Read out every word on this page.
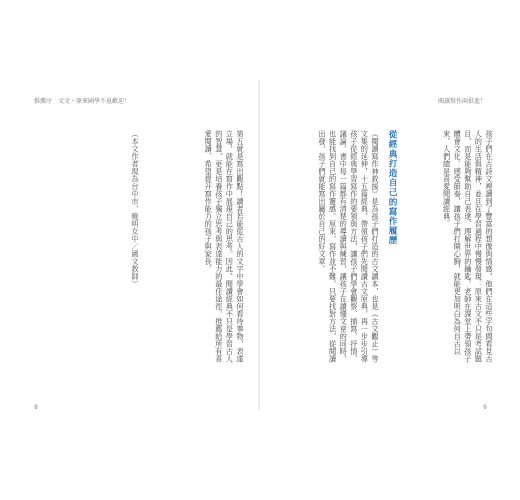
推薦序　文文・原來國學不退歡迎！	閱讀寫作兩俱進！
孩子們在古詩文裡讀到了豐富的想像與情感，他們在這些字句間看見古人的生活與精神，並且在學習過程中慢慢發現：原來古文不只是考試題目，而是能夠幫助自己表達、理解世界的鑰匙。老師在課堂上帶領孩子體會文化、感受節奏，讓孩子們打開心胸，就能更加明白為何自古以來，人們總是喜愛閱讀經典。
從經典打造自己的寫作履歷
《閱讀寫作神救援》是為孩子們打造的古文讀本，也是《古文觀止》等文集的延伸，十五篇經典，帶領孩子們先閱讀古文原典，再一步步引導孩子從經典學習寫作的要領與方法，讓孩子們學會觀察、描寫、抒情、議論。書中每一篇都有清楚的導讀與練習，讓孩子在讀懂文章的同時，也能找到自己的寫作靈感。原來，寫作並不難，只要找對方法，從閱讀出發，孩子們就能寫出屬於自己的好文章。
第五就是寫出觀點！讀者若能從古人的文字中學會如何看待事物、表達立場，就能在寫作中展現自己的思考。因此，閱讀經典不只是學習古人的智慧，更是培養孩子獨立思考與表達能力的最佳途徑。推薦給所有喜愛閱讀、希望提升寫作能力的孩子與家長。
（本文作者現為台中市，曉明女中／國文教師）
8	9
